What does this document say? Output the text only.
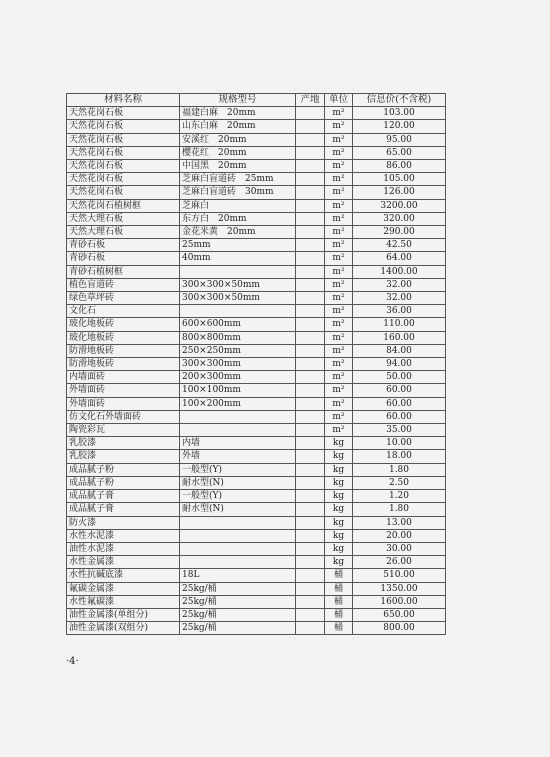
材料名称	规格型号	产地	单位	信息价(不含税)
天然花岗石板	福建白麻　20mm		m²	103.00
天然花岗石板	山东白麻　20mm		m²	120.00
天然花岗石板	安溪红　20mm		m²	95.00
天然花岗石板	樱花红　20mm		m²	65.00
天然花岗石板	中国黑　20mm		m²	86.00
天然花岗石板	芝麻白盲道砖　25mm		m²	105.00
天然花岗石板	芝麻白盲道砖　30mm		m²	126.00
天然花岗石植树框	芝麻白		m²	3200.00
天然大理石板	东方白　20mm		m²	320.00
天然大理石板	金花米黄　20mm		m²	290.00
青砂石板	25mm		m²	42.50
青砂石板	40mm		m²	64.00
青砂石植树框			m²	1400.00
植色盲道砖	300×300×50mm		m²	32.00
绿色草坪砖	300×300×50mm		m²	32.00
文化石			m²	36.00
玻化地板砖	600×600mm		m²	110.00
玻化地板砖	800×800mm		m²	160.00
防滑地板砖	250×250mm		m²	84.00
防滑地板砖	300×300mm		m²	94.00
内墙面砖	200×300mm		m²	50.00
外墙面砖	100×100mm		m²	60.00
外墙面砖	100×200mm		m²	60.00
仿文化石外墙面砖			m²	60.00
陶瓷彩瓦			m²	35.00
乳胶漆	内墙		kg	10.00
乳胶漆	外墙		kg	18.00
成品腻子粉	一般型(Y)		kg	1.80
成品腻子粉	耐水型(N)		kg	2.50
成品腻子膏	一般型(Y)		kg	1.20
成品腻子膏	耐水型(N)		kg	1.80
防火漆			kg	13.00
水性水泥漆			kg	20.00
油性水泥漆			kg	30.00
水性金属漆			kg	26.00
水性抗碱底漆	18L		桶	510.00
氟碳金属漆	25kg/桶		桶	1350.00
水性氟碳漆	25kg/桶		桶	1600.00
油性金属漆(单组分)	25kg/桶		桶	650.00
油性金属漆(双组分)	25kg/桶		桶	800.00
·4·
